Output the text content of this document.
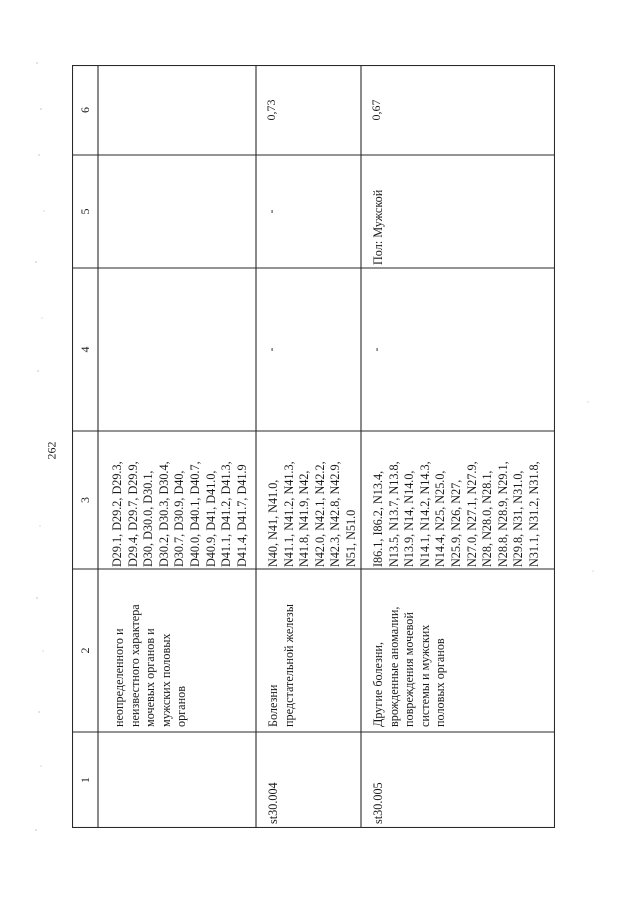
262
6
5
4
3
2
1
неопределенного и
неизвестного характера
мочевых органов и
мужских половых
органов
D29.1, D29.2, D29.3,
D29.4, D29.7, D29.9,
D30, D30.0, D30.1,
D30.2, D30.3, D30.4,
D30.7, D30.9, D40,
D40.0, D40.1, D40.7,
D40.9, D41, D41.0,
D41.1, D41.2, D41.3,
D41.4, D41.7, D41.9
st30.004
Болезни
предстательной железы
N40, N41, N41.0,
N41.1, N41.2, N41.3,
N41.8, N41.9, N42,
N42.0, N42.1, N42.2,
N42.3, N42.8, N42.9,
N51, N51.0
-
-
0,73
st30.005
Другие болезни,
врожденные аномалии,
повреждения мочевой
системы и мужских
половых органов
I86.1, I86.2, N13.4,
N13.5, N13.7, N13.8,
N13.9, N14, N14.0,
N14.1, N14.2, N14.3,
N14.4, N25, N25.0,
N25.9, N26, N27,
N27.0, N27.1, N27.9,
N28, N28.0, N28.1,
N28.8, N28.9, N29.1,
N29.8, N31, N31.0,
N31.1, N31.2, N31.8,
-
Пол: Мужской
0,67
